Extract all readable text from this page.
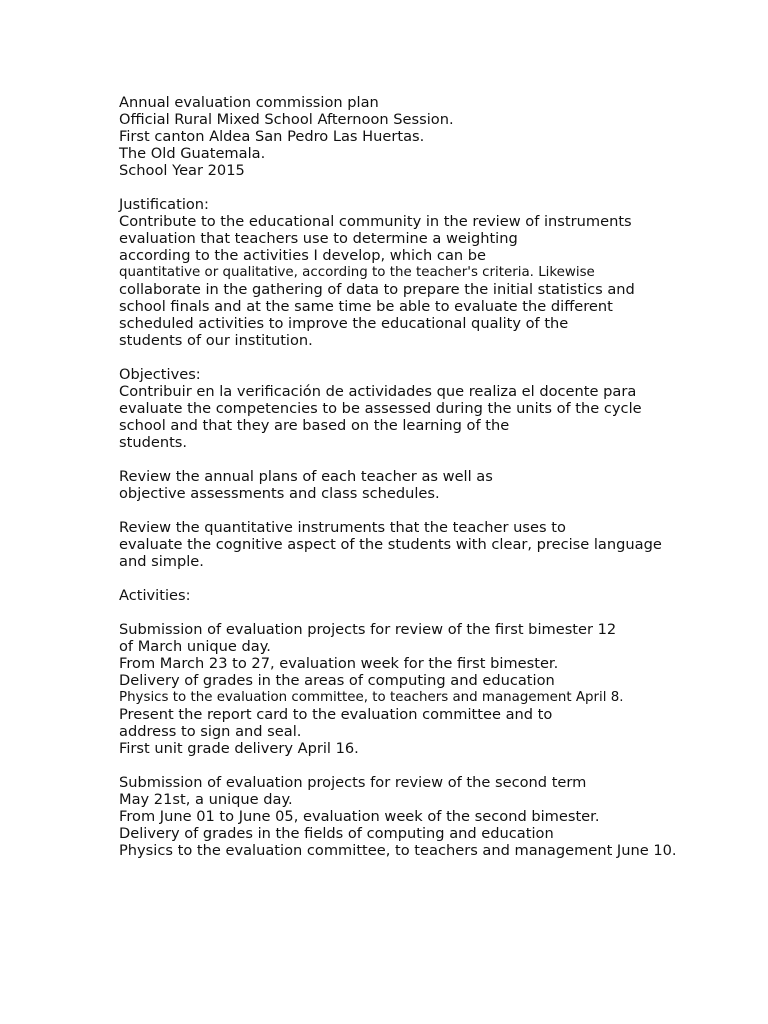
Annual evaluation commission plan
Official Rural Mixed School Afternoon Session.
First canton Aldea San Pedro Las Huertas.
The Old Guatemala.
School Year 2015
Justification:
Contribute to the educational community in the review of instruments
evaluation that teachers use to determine a weighting
according to the activities I develop, which can be
quantitative or qualitative, according to the teacher's criteria. Likewise
collaborate in the gathering of data to prepare the initial statistics and
school finals and at the same time be able to evaluate the different
scheduled activities to improve the educational quality of the
students of our institution.
Objectives:
Contribuir en la verificación de actividades que realiza el docente para
evaluate the competencies to be assessed during the units of the cycle
school and that they are based on the learning of the
students.
Review the annual plans of each teacher as well as
objective assessments and class schedules.
Review the quantitative instruments that the teacher uses to
evaluate the cognitive aspect of the students with clear, precise language
and simple.
Activities:
Submission of evaluation projects for review of the first bimester 12
of March unique day.
From March 23 to 27, evaluation week for the first bimester.
Delivery of grades in the areas of computing and education
Physics to the evaluation committee, to teachers and management April 8.
Present the report card to the evaluation committee and to
address to sign and seal.
First unit grade delivery April 16.
Submission of evaluation projects for review of the second term
May 21st, a unique day.
From June 01 to June 05, evaluation week of the second bimester.
Delivery of grades in the fields of computing and education
Physics to the evaluation committee, to teachers and management June 10.
